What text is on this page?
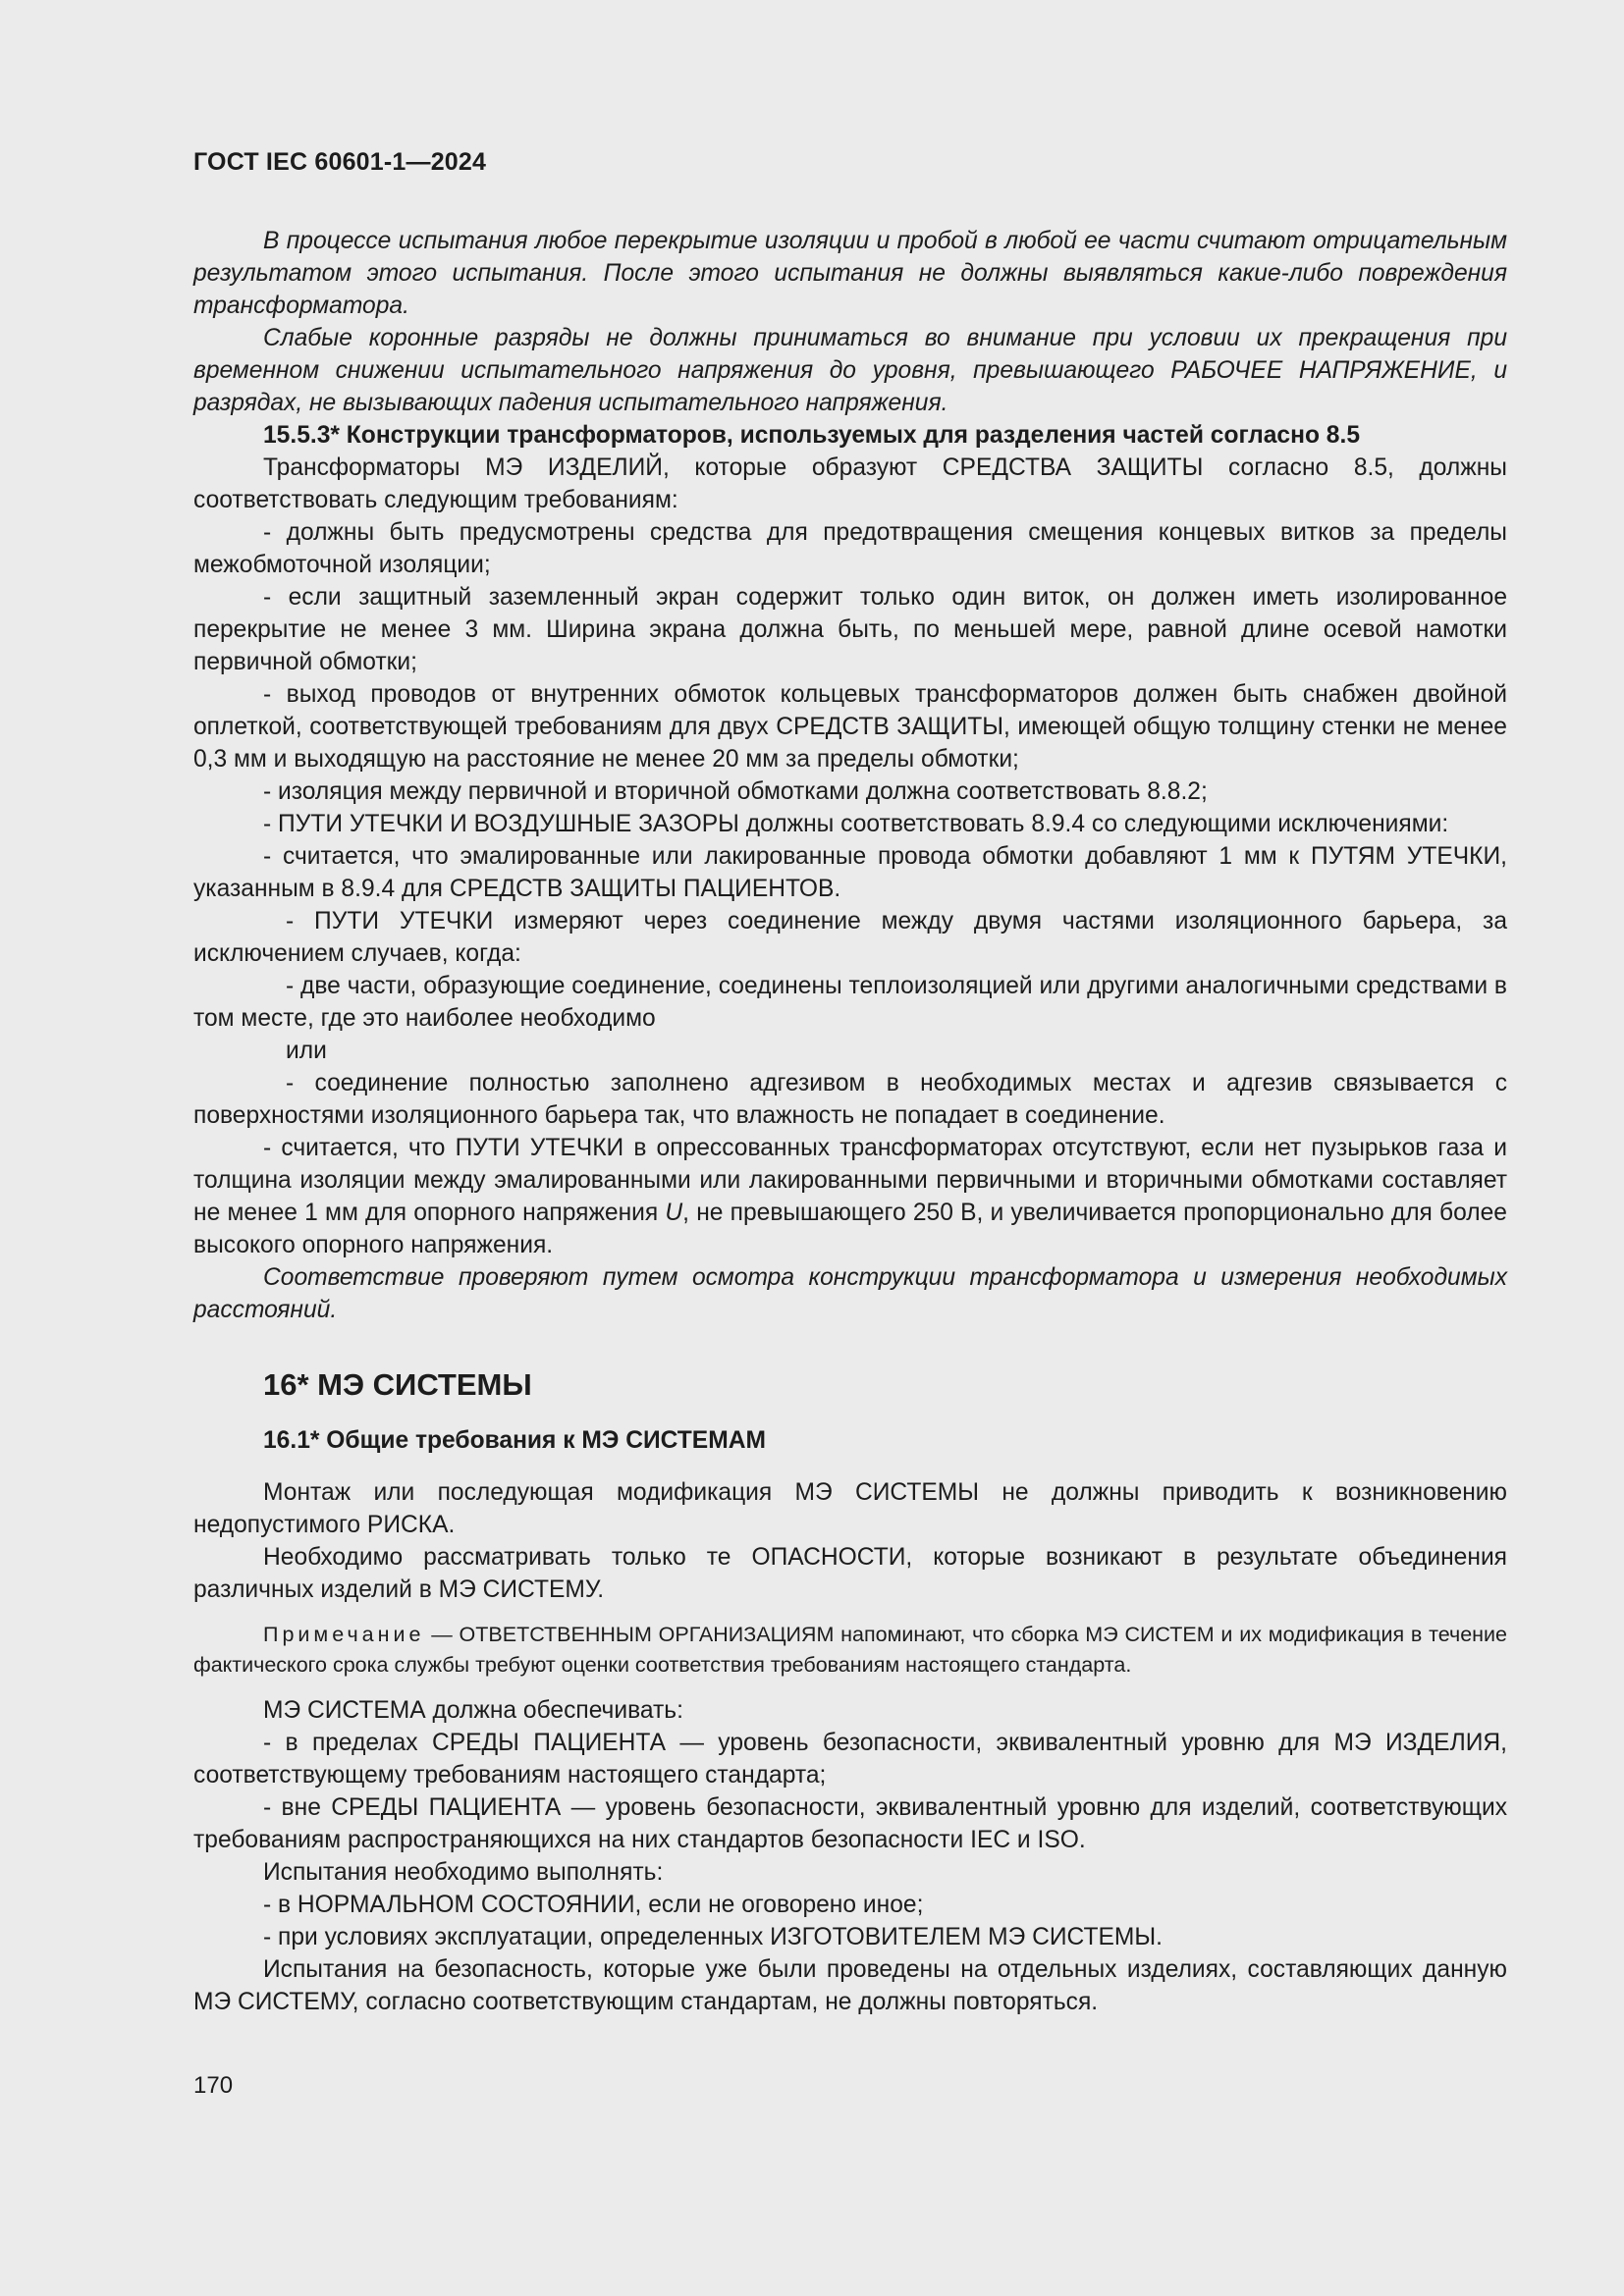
ГОСТ IEC 60601-1—2024

В процессе испытания любое перекрытие изоляции и пробой в любой ее части считают отрицательным результатом этого испытания. После этого испытания не должны выявляться какие-либо повреждения трансформатора.

Слабые коронные разряды не должны приниматься во внимание при условии их прекращения при временном снижении испытательного напряжения до уровня, превышающего РАБОЧЕЕ НАПРЯЖЕНИЕ, и разрядах, не вызывающих падения испытательного напряжения.

15.5.3* Конструкции трансформаторов, используемых для разделения частей согласно 8.5

Трансформаторы МЭ ИЗДЕЛИЙ, которые образуют СРЕДСТВА ЗАЩИТЫ согласно 8.5, должны соответствовать следующим требованиям:

- должны быть предусмотрены средства для предотвращения смещения концевых витков за пределы межобмоточной изоляции;

- если защитный заземленный экран содержит только один виток, он должен иметь изолированное перекрытие не менее 3 мм. Ширина экрана должна быть, по меньшей мере, равной длине осевой намотки первичной обмотки;

- выход проводов от внутренних обмоток кольцевых трансформаторов должен быть снабжен двойной оплеткой, соответствующей требованиям для двух СРЕДСТВ ЗАЩИТЫ, имеющей общую толщину стенки не менее 0,3 мм и выходящую на расстояние не менее 20 мм за пределы обмотки;

- изоляция между первичной и вторичной обмотками должна соответствовать 8.8.2;

- ПУТИ УТЕЧКИ И ВОЗДУШНЫЕ ЗАЗОРЫ должны соответствовать 8.9.4 со следующими исключениями:

- считается, что эмалированные или лакированные провода обмотки добавляют 1 мм к ПУТЯМ УТЕЧКИ, указанным в 8.9.4 для СРЕДСТВ ЗАЩИТЫ ПАЦИЕНТОВ.

- ПУТИ УТЕЧКИ измеряют через соединение между двумя частями изоляционного барьера, за исключением случаев, когда:

- две части, образующие соединение, соединены теплоизоляцией или другими аналогичными средствами в том месте, где это наиболее необходимо

или

- соединение полностью заполнено адгезивом в необходимых местах и адгезив связывается с поверхностями изоляционного барьера так, что влажность не попадает в соединение.

- считается, что ПУТИ УТЕЧКИ в опрессованных трансформаторах отсутствуют, если нет пузырьков газа и толщина изоляции между эмалированными или лакированными первичными и вторичными обмотками составляет не менее 1 мм для опорного напряжения U, не превышающего 250 В, и увеличивается пропорционально для более высокого опорного напряжения.

Соответствие проверяют путем осмотра конструкции трансформатора и измерения необходимых расстояний.

16* МЭ СИСТЕМЫ
16.1* Общие требования к МЭ СИСТЕМАМ

Монтаж или последующая модификация МЭ СИСТЕМЫ не должны приводить к возникновению недопустимого РИСКА.

Необходимо рассматривать только те ОПАСНОСТИ, которые возникают в результате объединения различных изделий в МЭ СИСТЕМУ.

Примечание — ОТВЕТСТВЕННЫМ ОРГАНИЗАЦИЯМ напоминают, что сборка МЭ СИСТЕМ и их модификация в течение фактического срока службы требуют оценки соответствия требованиям настоящего стандарта.

МЭ СИСТЕМА должна обеспечивать:

- в пределах СРЕДЫ ПАЦИЕНТА — уровень безопасности, эквивалентный уровню для МЭ ИЗДЕЛИЯ, соответствующему требованиям настоящего стандарта;

- вне СРЕДЫ ПАЦИЕНТА — уровень безопасности, эквивалентный уровню для изделий, соответствующих требованиям распространяющихся на них стандартов безопасности IEC и ISO.

Испытания необходимо выполнять:

- в НОРМАЛЬНОМ СОСТОЯНИИ, если не оговорено иное;

- при условиях эксплуатации, определенных ИЗГОТОВИТЕЛЕМ МЭ СИСТЕМЫ.

Испытания на безопасность, которые уже были проведены на отдельных изделиях, составляющих данную МЭ СИСТЕМУ, согласно соответствующим стандартам, не должны повторяться.

170
